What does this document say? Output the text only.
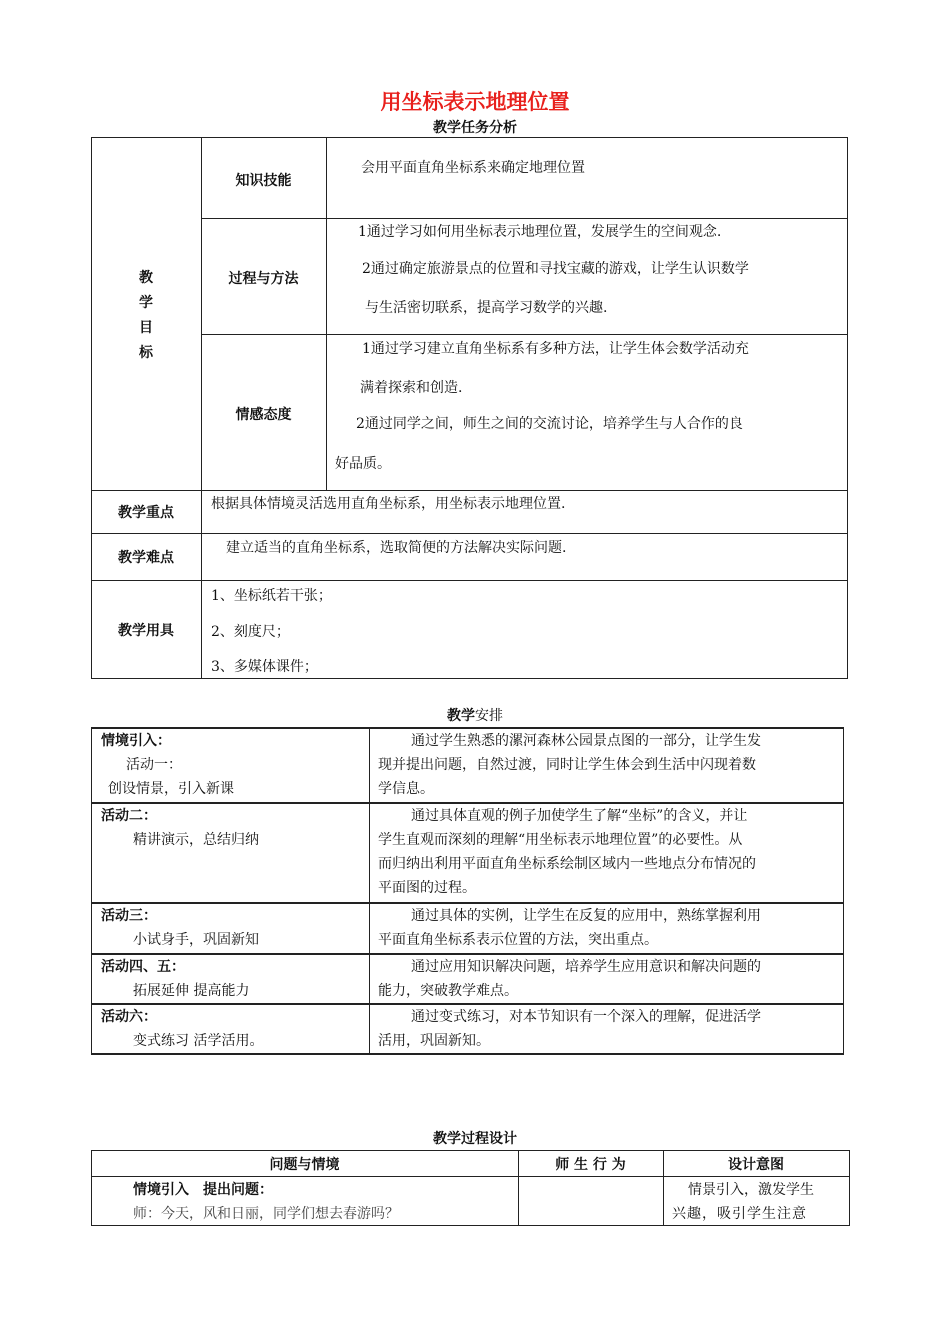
用坐标表示地理位置
教学任务分析
教
学
目
标
知识技能
过程与方法
情感态度
会用平面直角坐标系来确定地理位置
1通过学习如何用坐标表示地理位置，发展学生的空间观念.
2通过确定旅游景点的位置和寻找宝藏的游戏，让学生认识数学
与生活密切联系，提高学习数学的兴趣.
1通过学习建立直角坐标系有多种方法，让学生体会数学活动充
满着探索和创造.
2通过同学之间，师生之间的交流讨论，培养学生与人合作的良
好品质。
教学重点
根据具体情境灵活选用直角坐标系，用坐标表示地理位置.
教学难点
建立适当的直角坐标系，选取简便的方法解决实际问题.
教学用具
1、坐标纸若干张；
2、刻度尺；
3、多媒体课件；
教学安排
情境引入：
活动一：
创设情景，引入新课
通过学生熟悉的漯河森林公园景点图的一部分，让学生发
现并提出问题，自然过渡，同时让学生体会到生活中闪现着数
学信息。
活动二：
精讲演示，总结归纳
通过具体直观的例子加使学生了解“坐标”的含义，并让
学生直观而深刻的理解“用坐标表示地理位置”的必要性。从
而归纳出利用平面直角坐标系绘制区域内一些地点分布情况的
平面图的过程。
活动三：
小试身手，巩固新知
通过具体的实例，让学生在反复的应用中，熟练掌握利用
平面直角坐标系表示位置的方法，突出重点。
活动四、五：
拓展延伸 提高能力
通过应用知识解决问题，培养学生应用意识和解决问题的
能力，突破教学难点。
活动六：
变式练习 活学活用。
通过变式练习，对本节知识有一个深入的理解，促进活学
活用，巩固新知。
教学过程设计
问题与情境	师 生 行 为	设计意图
情境引入　提出问题：
师：今天，风和日丽，同学们想去春游吗？
情景引入，激发学生
兴趣，吸引学生注意
